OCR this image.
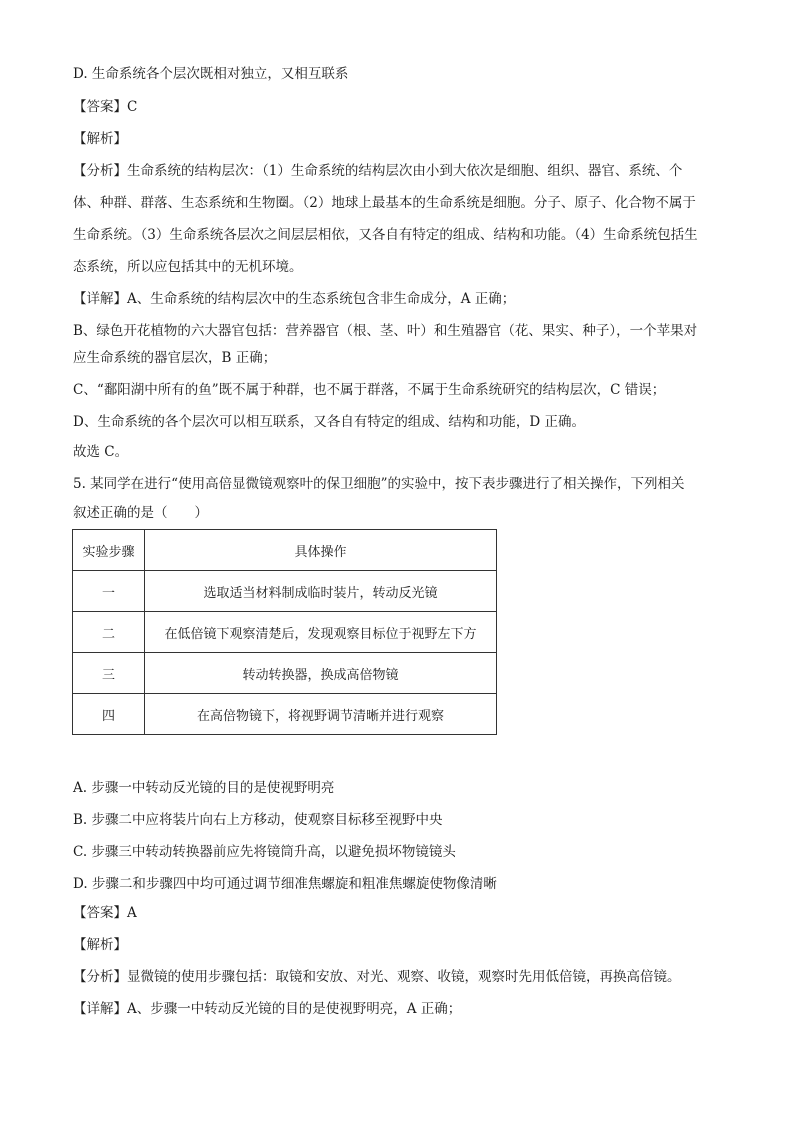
D. 生命系统各个层次既相对独立，又相互联系
【答案】C
【解析】
【分析】生命系统的结构层次：（1）生命系统的结构层次由小到大依次是细胞、组织、器官、系统、个
体、种群、群落、生态系统和生物圈。（2）地球上最基本的生命系统是细胞。分子、原子、化合物不属于
生命系统。（3）生命系统各层次之间层层相依，又各自有特定的组成、结构和功能。（4）生命系统包括生
态系统，所以应包括其中的无机环境。
【详解】A、生命系统的结构层次中的生态系统包含非生命成分，A 正确；
B、绿色开花植物的六大器官包括：营养器官（根、茎、叶）和生殖器官（花、果实、种子），一个苹果对
应生命系统的器官层次，B 正确；
C、“鄱阳湖中所有的鱼”既不属于种群，也不属于群落，不属于生命系统研究的结构层次，C 错误；
D、生命系统的各个层次可以相互联系，又各自有特定的组成、结构和功能，D 正确。
故选 C。
5. 某同学在进行“使用高倍显微镜观察叶的保卫细胞”的实验中，按下表步骤进行了相关操作，下列相关
叙述正确的是（　　）
实验步骤	具体操作
一	选取适当材料制成临时装片，转动反光镜
二	在低倍镜下观察清楚后，发现观察目标位于视野左下方
三	转动转换器，换成高倍物镜
四	在高倍物镜下，将视野调节清晰并进行观察
A. 步骤一中转动反光镜的目的是使视野明亮
B. 步骤二中应将装片向右上方移动，使观察目标移至视野中央
C. 步骤三中转动转换器前应先将镜筒升高，以避免损坏物镜镜头
D. 步骤二和步骤四中均可通过调节细准焦螺旋和粗准焦螺旋使物像清晰
【答案】A
【解析】
【分析】显微镜的使用步骤包括：取镜和安放、对光、观察、收镜，观察时先用低倍镜，再换高倍镜。
【详解】A、步骤一中转动反光镜的目的是使视野明亮，A 正确；
